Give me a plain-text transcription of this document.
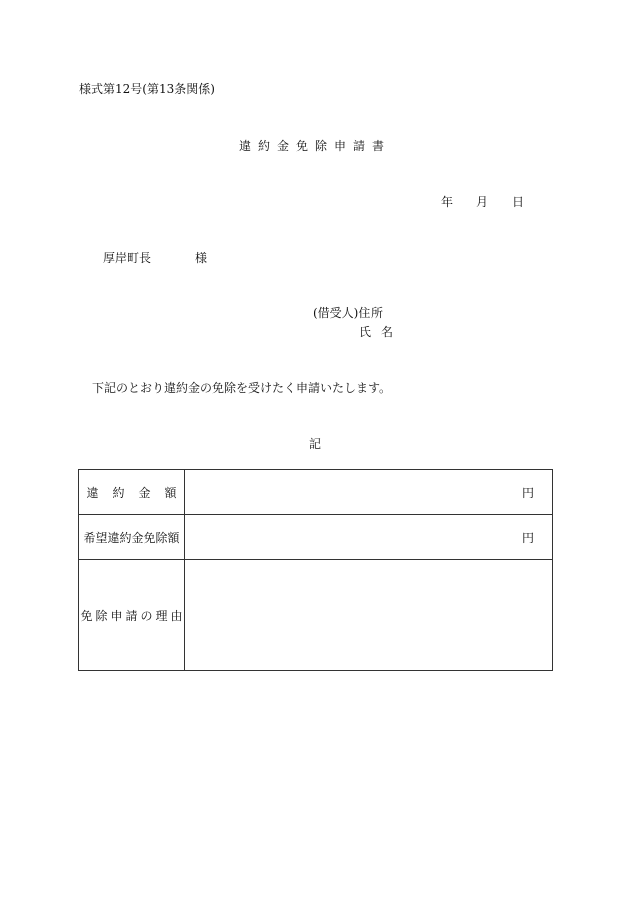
様式第12号(第13条関係)
違約金免除申請書
年 月 日
厚岸町長	様
(借受人)住 所
氏名
下記のとおり違約金の免除を受けたく申請いたします。
記
違約金額	円
希望違約金免除額	円
免除申請の理由	
